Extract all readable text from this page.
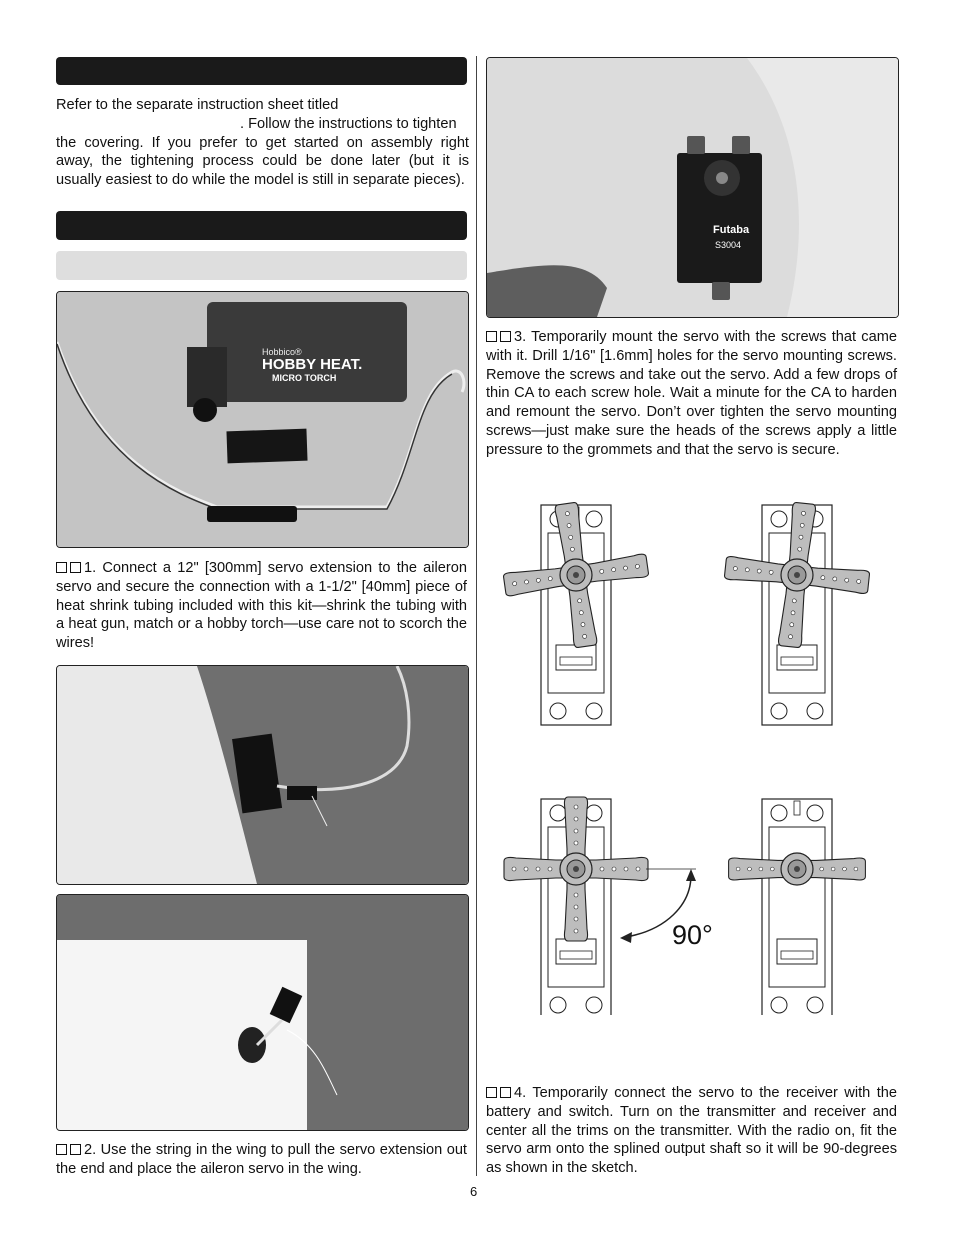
Refer to the separate instruction sheet titled
. Follow the instructions to tighten
the covering. If you prefer to get started on assembly right away, the tightening process could be done later (but it is usually easiest to do while the model is still in separate pieces).
Hobbico®
HOBBY HEAT.
MICRO TORCH
1. Connect a 12" [300mm] servo extension to the aileron servo and secure the connection with a 1-1/2" [40mm] piece of heat shrink tubing included with this kit—shrink the tubing with a heat gun, match or a hobby torch—use care not to scorch the wires!
2. Use the string in the wing to pull the servo extension out the end and place the aileron servo in the wing.
Futaba
S3004
3. Temporarily mount the servo with the screws that came with it. Drill 1/16" [1.6mm] holes for the servo mounting screws. Remove the screws and take out the servo. Add a few drops of thin CA to each screw hole. Wait a minute for the CA to harden and remount the servo. Don’t over tighten the servo mounting screws—just make sure the heads of the screws apply a little pressure to the grommets and that the servo is secure.
90°
4. Temporarily connect the servo to the receiver with the battery and switch. Turn on the transmitter and receiver and center all the trims on the transmitter. With the radio on, fit the servo arm onto the splined output shaft so it will be 90-degrees as shown in the sketch.
6
